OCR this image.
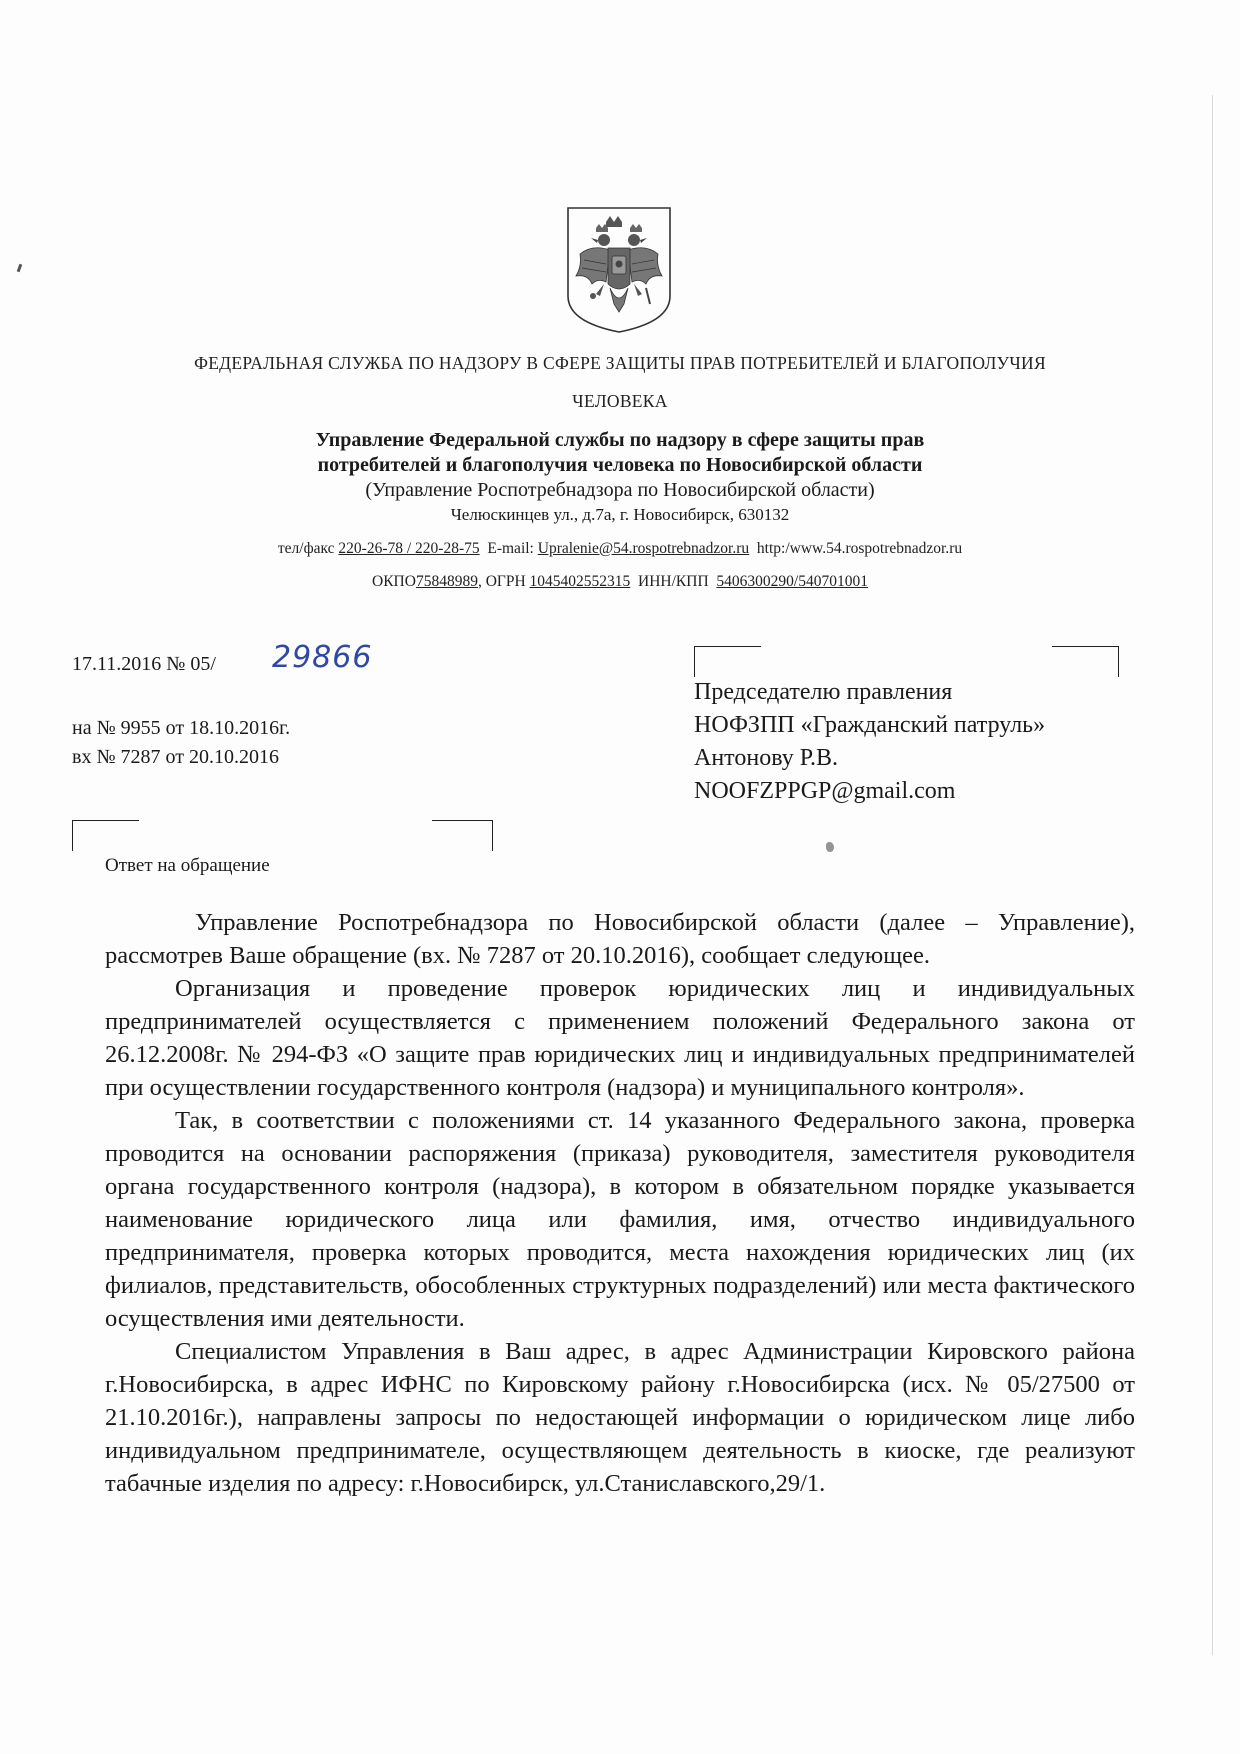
ФЕДЕРАЛЬНАЯ СЛУЖБА ПО НАДЗОРУ В СФЕРЕ ЗАЩИТЫ ПРАВ ПОТРЕБИТЕЛЕЙ И БЛАГОПОЛУЧИЯ
ЧЕЛОВЕКА
Управление Федеральной службы по надзору в сфере защиты прав
потребителей и благополучия человека по Новосибирской области
(Управление Роспотребнадзора по Новосибирской области)
Челюскинцев ул., д.7а, г. Новосибирск, 630132
тел/факс 220-26-78 / 220-28-75 E-mail: Upralenie@54.rospotrebnadzor.ru http:/www.54.rospotrebnadzor.ru
ОКПО75848989, ОГРН 1045402552315 ИНН/КПП 5406300290/540701001
17.11.2016 № 05/ 29866
на № 9955 от 18.10.2016г.
вх № 7287 от 20.10.2016
Председателю правления
НОФЗПП «Гражданский патруль»
Антонову Р.В.
NOOFZPPGP@gmail.com
Ответ на обращение

Управление Роспотребнадзора по Новосибирской области (далее – Управление), рассмотрев Ваше обращение (вх. № 7287 от 20.10.2016), сообщает следующее.

Организация и проведение проверок юридических лиц и индивидуальных предпринимателей осуществляется с применением положений Федерального закона от 26.12.2008г. № 294-ФЗ «О защите прав юридических лиц и индивидуальных предпринимателей при осуществлении государственного контроля (надзора) и муниципального контроля».

Так, в соответствии с положениями ст. 14 указанного Федерального закона, проверка проводится на основании распоряжения (приказа) руководителя, заместителя руководителя органа государственного контроля (надзора), в котором в обязательном порядке указывается наименование юридического лица или фамилия, имя, отчество индивидуального предпринимателя, проверка которых проводится, места нахождения юридических лиц (их филиалов, представительств, обособленных структурных подразделений) или места фактического осуществления ими деятельности.

Специалистом Управления в Ваш адрес, в адрес Администрации Кировского района г.Новосибирска, в адрес ИФНС по Кировскому району г.Новосибирска (исх. № 05/27500 от 21.10.2016г.), направлены запросы по недостающей информации о юридическом лице либо индивидуальном предпринимателе, осуществляющем деятельность в киоске, где реализуют табачные изделия по адресу: г.Новосибирск, ул.Станиславского,29/1.
